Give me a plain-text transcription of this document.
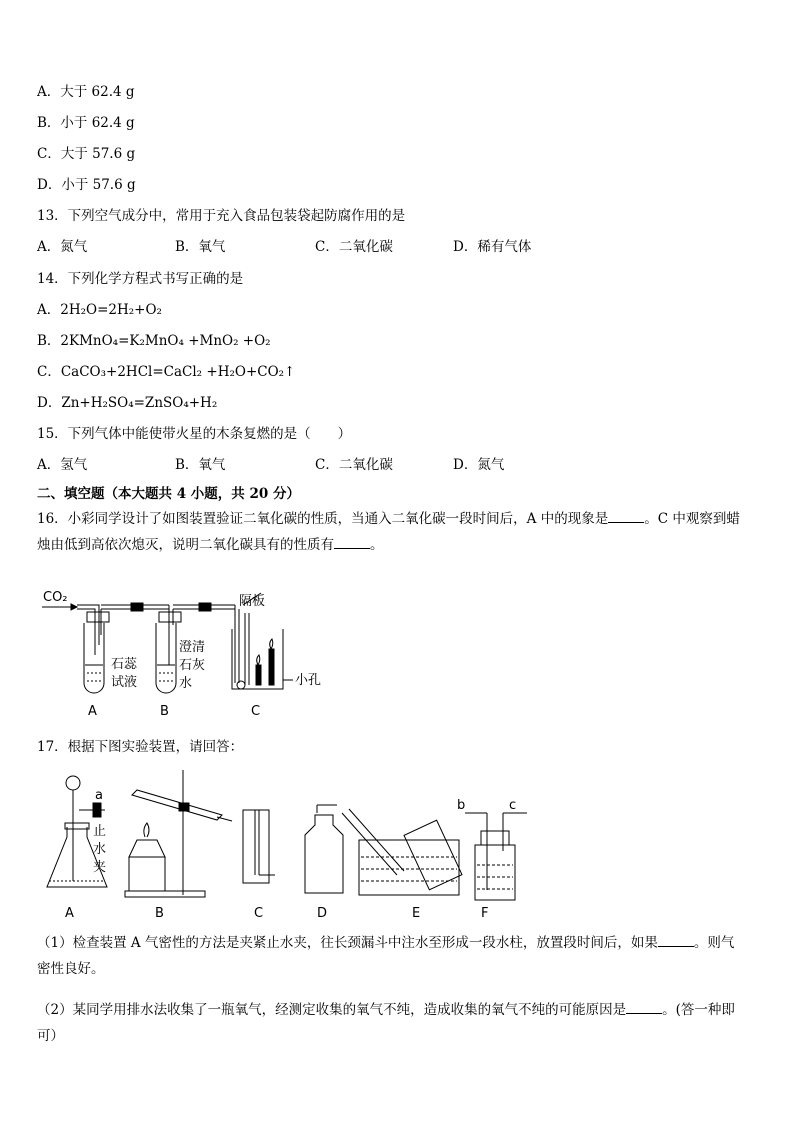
A．大于 62.4 g
B．小于 62.4 g
C．大于 57.6 g
D．小于 57.6 g
13．下列空气成分中，常用于充入食品包装袋起防腐作用的是
A．氮气	B．氧气	C．二氧化碳	D．稀有气体
14．下列化学方程式书写正确的是
A．2H₂O=2H₂+O₂
B．2KMnO₄=K₂MnO₄ +MnO₂ +O₂
C．CaCO₃+2HCl=CaCl₂ +H₂O+CO₂↑
D．Zn+H₂SO₄=ZnSO₄+H₂
15．下列气体中能使带火星的木条复燃的是（　　）
A．氢气	B．氧气	C．二氧化碳	D．氮气
二、填空题（本大题共 4 小题，共 20 分）
16．小彩同学设计了如图装置验证二氧化碳的性质，当通入二氧化碳一段时间后，A 中的现象是	。C 中观察到蜡
烛由低到高依次熄灭，说明二氧化碳具有的性质有	。
CO₂	隔板
石蕊
试液
澄清
石灰
水	小孔
A	B	C
17．根据下图实验装置，请回答：
a
止
水
夹
b	c
A	B	C	D	E	F
（1）检查装置 A 气密性的方法是夹紧止水夹，往长颈漏斗中注水至形成一段水柱，放置段时间后，如果	。则气
密性良好。
（2）某同学用排水法收集了一瓶氧气，经测定收集的氧气不纯，造成收集的氧气不纯的可能原因是	。(答一种即
可）
